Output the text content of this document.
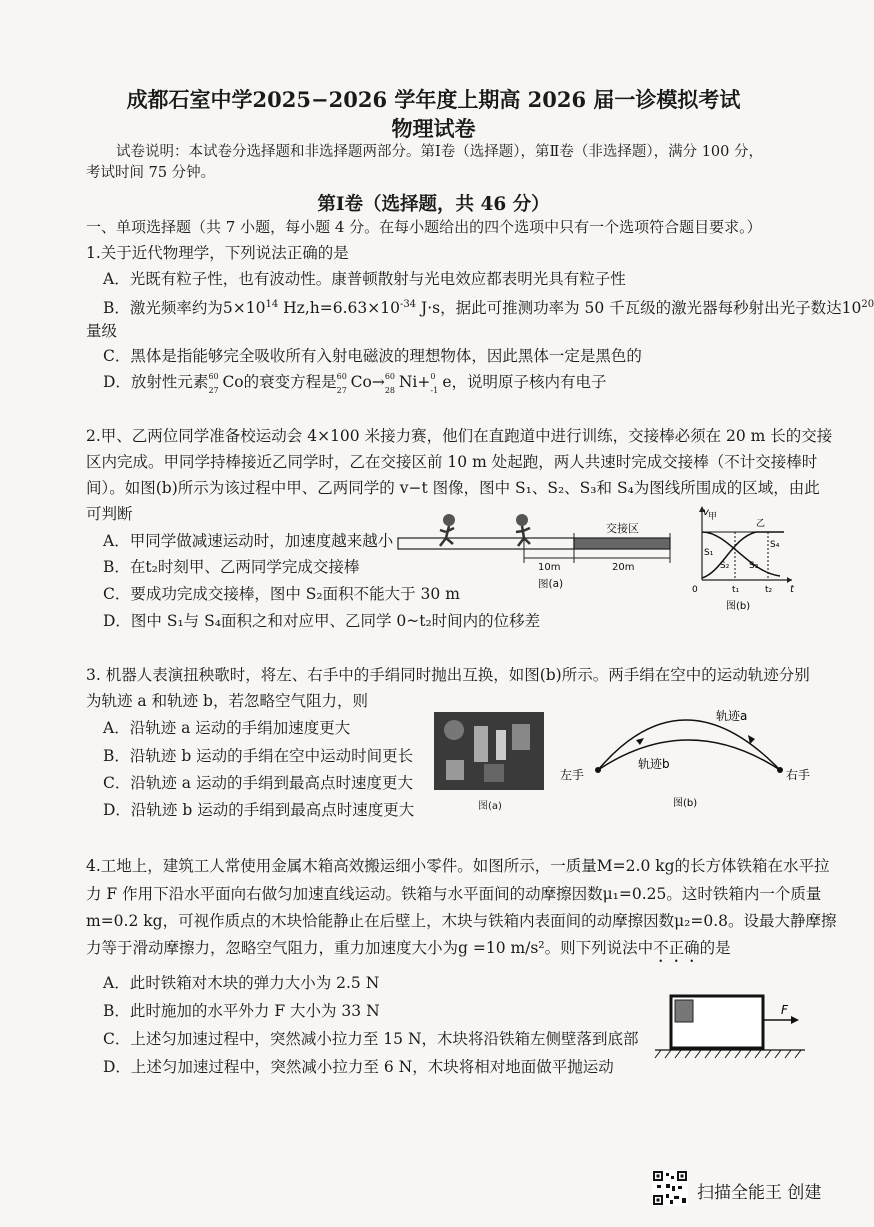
成都石室中学2025−2026 学年度上期高 2026 届一诊模拟考试
物理试卷
试卷说明：本试卷分选择题和非选择题两部分。第Ⅰ卷（选择题），第Ⅱ卷（非选择题），满分 100 分，
考试时间 75 分钟。
第Ⅰ卷（选择题，共 46 分）
一、单项选择题（共 7 小题，每小题 4 分。在每小题给出的四个选项中只有一个选项符合题目要求。）
1.关于近代物理学，下列说法正确的是
A．光既有粒子性，也有波动性。康普顿散射与光电效应都表明光具有粒子性
B．激光频率约为$5\times 10^{14}$ $Hz,h=6.63\times 10^{-34}$ J·s，据此可推测功率为 50 千瓦级的激光器每秒射出光子数达$10^{20}$
量级
C．黑体是指能够完全吸收所有入射电磁波的理想物体，因此黑体一定是黑色的
D．放射性元素 60
27 Co的衰变方程是 60
27 Co→ 60
28 Ni+ 0
-1 e，说明原子核内有电子
2.甲、乙两位同学准备校运动会 4×100 米接力赛，他们在直跑道中进行训练，交接棒必须在 20 m 长的交接
区内完成。甲同学持棒接近乙同学时，乙在交接区前 10 m 处起跑，两人共速时完成交接棒（不计交接棒时
间）。如图(b)所示为该过程中甲、乙两同学的 v−t 图像，图中 S₁、S₂、S₃和 S₄为图线所围成的区域，由此
可判断
A．甲同学做减速运动时，加速度越来越小
B．在t₂时刻甲、乙两同学完成交接棒
C．要成功完成交接棒，图中 S₂面积不能大于 30 m
D．图中 S₁与 S₄面积之和对应甲、乙同学 0~t₂时间内的位移差
交接区
10m	20m
图(a)
v
t
0
甲
乙
S₁
S₂ S₃
S₄
t₁	t₂
图(b)
3. 机器人表演扭秧歌时，将左、右手中的手绢同时抛出互换，如图(b)所示。两手绢在空中的运动轨迹分别
为轨迹 a 和轨迹 b，若忽略空气阻力，则
A．沿轨迹 a 运动的手绢加速度更大
B．沿轨迹 b 运动的手绢在空中运动时间更长
C．沿轨迹 a 运动的手绢到最高点时速度更大
D．沿轨迹 b 运动的手绢到最高点时速度更大	图(a)
轨迹a
轨迹b
左手	右手
图(b)
4.工地上，建筑工人常使用金属木箱高效搬运细小零件。如图所示，一质量M=2.0 kg的长方体铁箱在水平拉
力 F 作用下沿水平面向右做匀加速直线运动。铁箱与水平面间的动摩擦因数μ₁=0.25。这时铁箱内一个质量
m=0.2 kg，可视作质点的木块恰能静止在后壁上，木块与铁箱内表面间的动摩擦因数μ₂=0.8。设最大静摩擦
力等于滑动摩擦力，忽略空气阻力，重力加速度大小为g =10 m/s²。则下列说法中不正确的是
A．此时铁箱对木块的弹力大小为 2.5 N
B．此时施加的水平外力 F 大小为 33 N
C．上述匀加速过程中，突然减小拉力至 15 N，木块将沿铁箱左侧壁落到底部
D．上述匀加速过程中，突然减小拉力至 6 N，木块将相对地面做平抛运动
F
扫描全能王 创建
